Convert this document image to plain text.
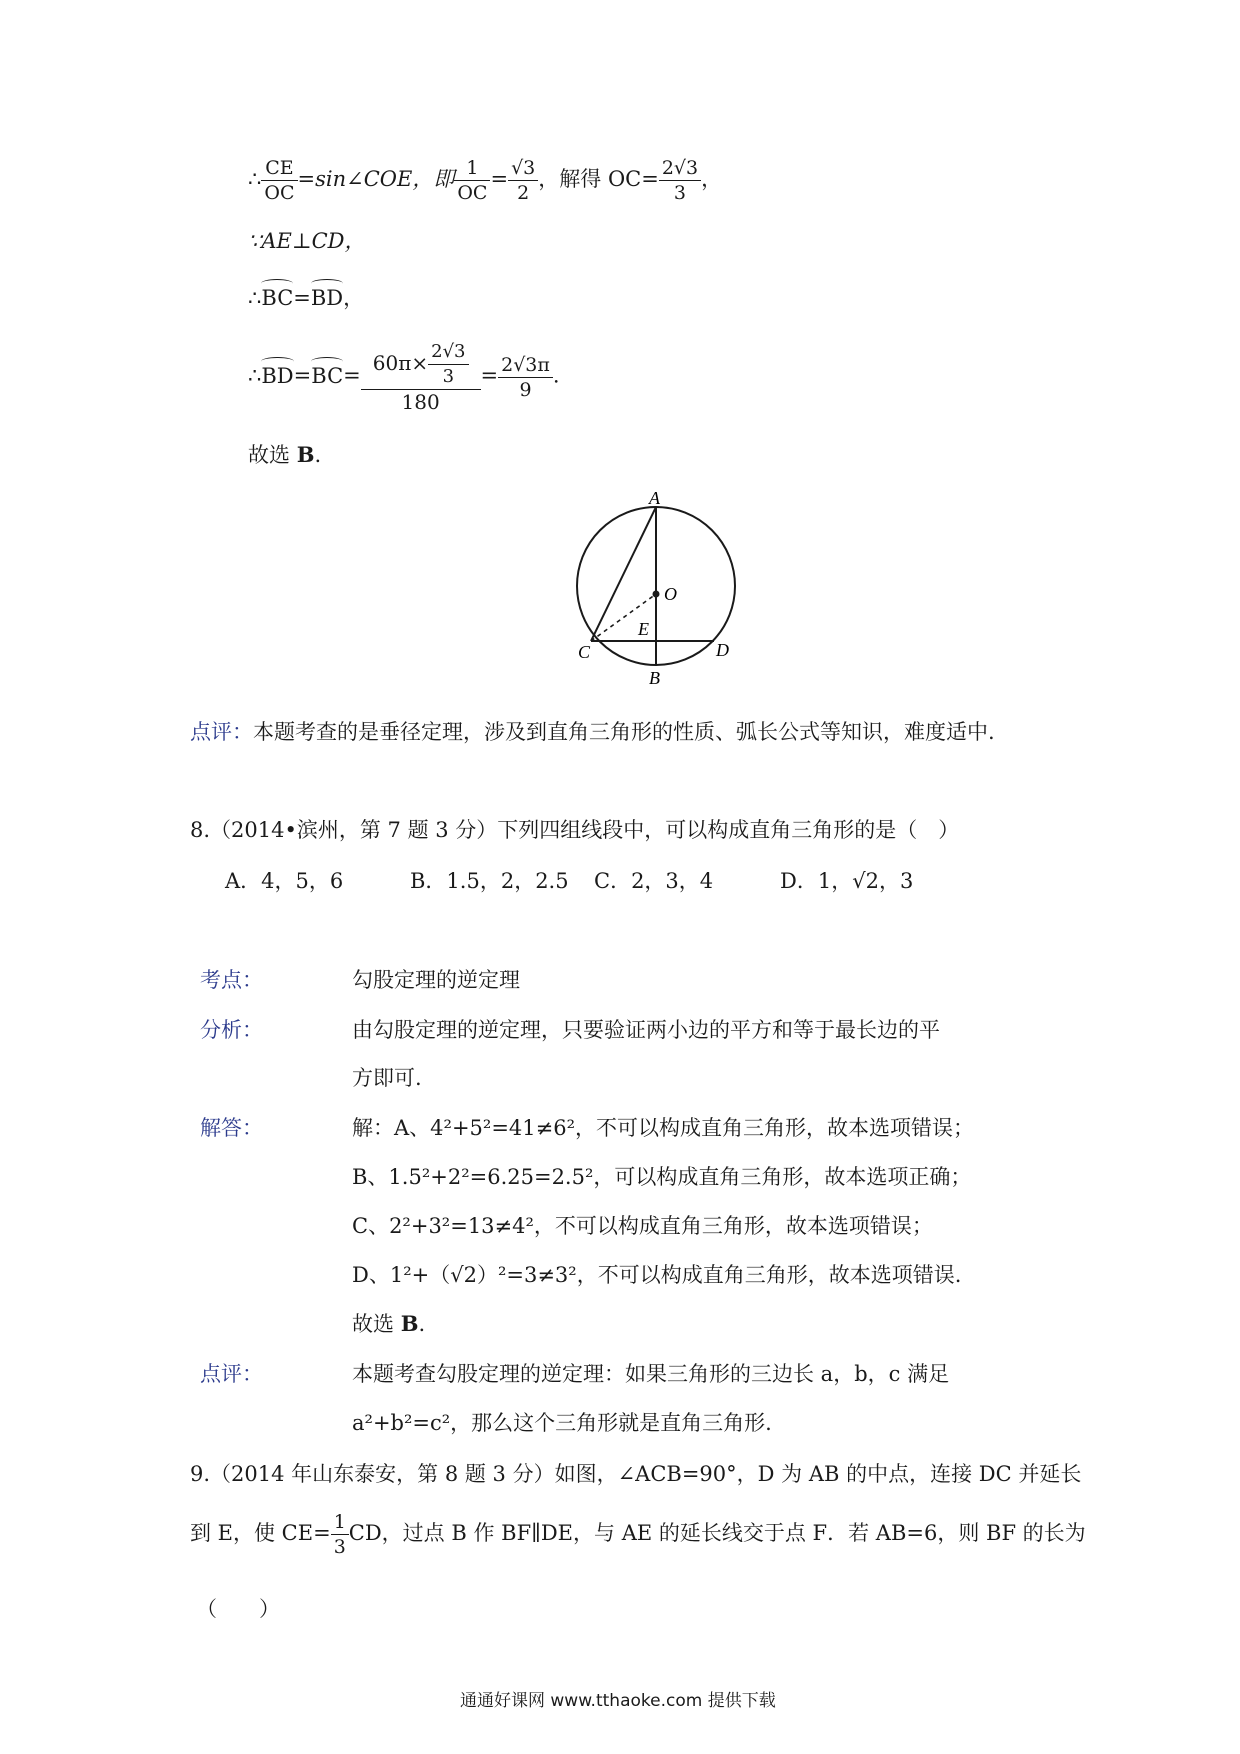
∴ $\frac{CE}{OC}$ =sin∠COE，即 $\frac{1}{OC} = \frac{√3}{2}$ ，解得 $OC= \frac{2√3}{3}$ ，
∵AE⊥CD，
∴BC=BD，
∴BD=BC= $\frac{60\pi\times \frac{2√3}{3}}{180} = \frac{2√3\pi}{9}$ .
故选 B.
A
O
E
C	D
B
点评：本题考查的是垂径定理，涉及到直角三角形的性质、弧长公式等知识，难度适中.
8.（2014•滨州，第 7 题 3 分）下列四组线段中，可以构成直角三角形的是（　）
A．4，5，6	B．1.5，2，2.5 C．2，3，4	D．1，√2，3
考点：	勾股定理的逆定理
分析：	由勾股定理的逆定理，只要验证两小边的平方和等于最长边的平
方即可.
解答：	解：A、4²+5²=41≠6²，不可以构成直角三角形，故本选项错误；
B、1.5²+2²=6.25=2.5²，可以构成直角三角形，故本选项正确；
C、2²+3²=13≠4²，不可以构成直角三角形，故本选项错误；
D、1²+（√2）²=3≠3²，不可以构成直角三角形，故本选项错误.
故选 B.
点评：	本题考查勾股定理的逆定理：如果三角形的三边长 a，b，c 满足
a²+b²=c²，那么这个三角形就是直角三角形.
9.（2014 年山东泰安，第 8 题 3 分）如图，∠ACB=90°，D 为 AB 的中点，连接 DC 并延长
到 E，使 $CE= \frac{1}{3}$ CD，过点 B 作 BF∥DE，与 AE 的延长线交于点 F．若 AB=6，则 BF 的长为
（　　）
通通好课网 www.tthaoke.com 提供下载
